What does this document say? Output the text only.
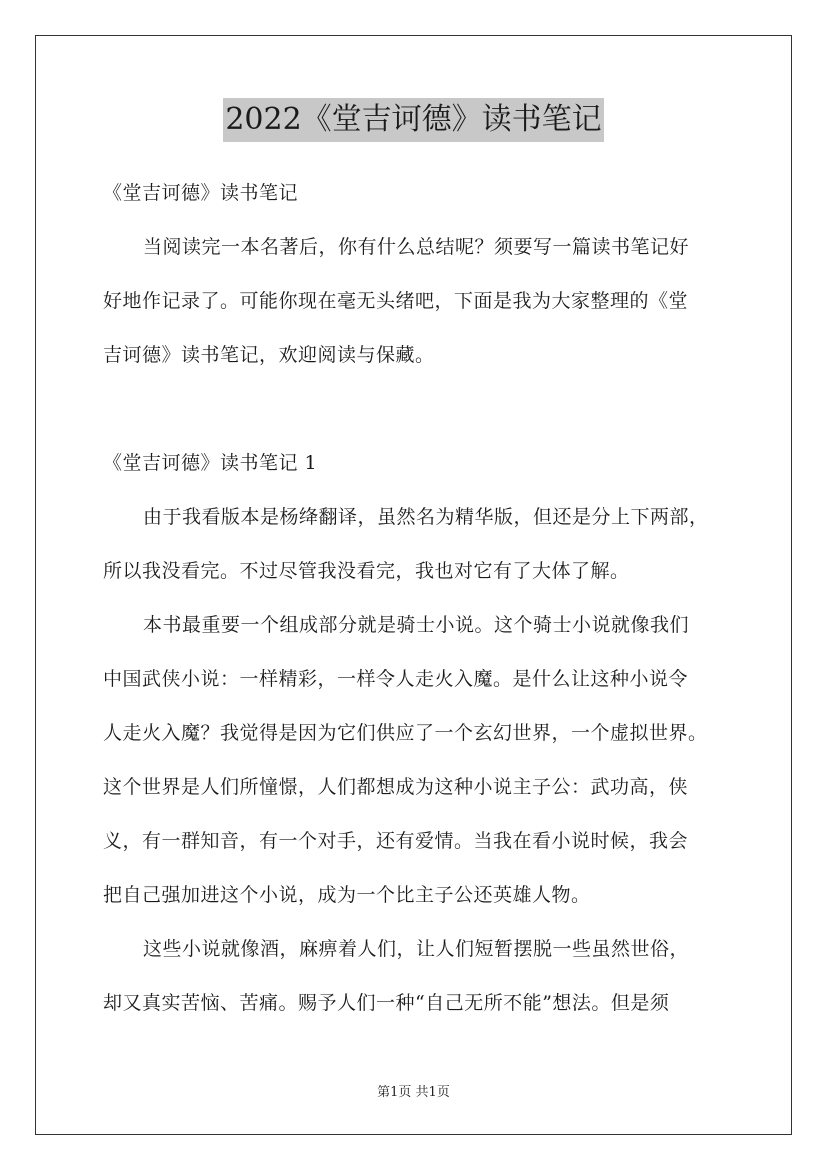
2022《堂吉诃德》读书笔记
《堂吉诃德》读书笔记
当阅读完一本名著后，你有什么总结呢？须要写一篇读书笔记好
好地作记录了。可能你现在毫无头绪吧，下面是我为大家整理的《堂
吉诃德》读书笔记，欢迎阅读与保藏。
《堂吉诃德》读书笔记 1
由于我看版本是杨绛翻译，虽然名为精华版，但还是分上下两部，
所以我没看完。不过尽管我没看完，我也对它有了大体了解。
本书最重要一个组成部分就是骑士小说。这个骑士小说就像我们
中国武侠小说：一样精彩，一样令人走火入魔。是什么让这种小说令
人走火入魔？我觉得是因为它们供应了一个玄幻世界，一个虚拟世界。
这个世界是人们所憧憬，人们都想成为这种小说主子公：武功高，侠
义，有一群知音，有一个对手，还有爱情。当我在看小说时候，我会
把自己强加进这个小说，成为一个比主子公还英雄人物。
这些小说就像酒，麻痹着人们，让人们短暂摆脱一些虽然世俗，
却又真实苦恼、苦痛。赐予人们一种“自己无所不能”想法。但是须
第1页 共1页
